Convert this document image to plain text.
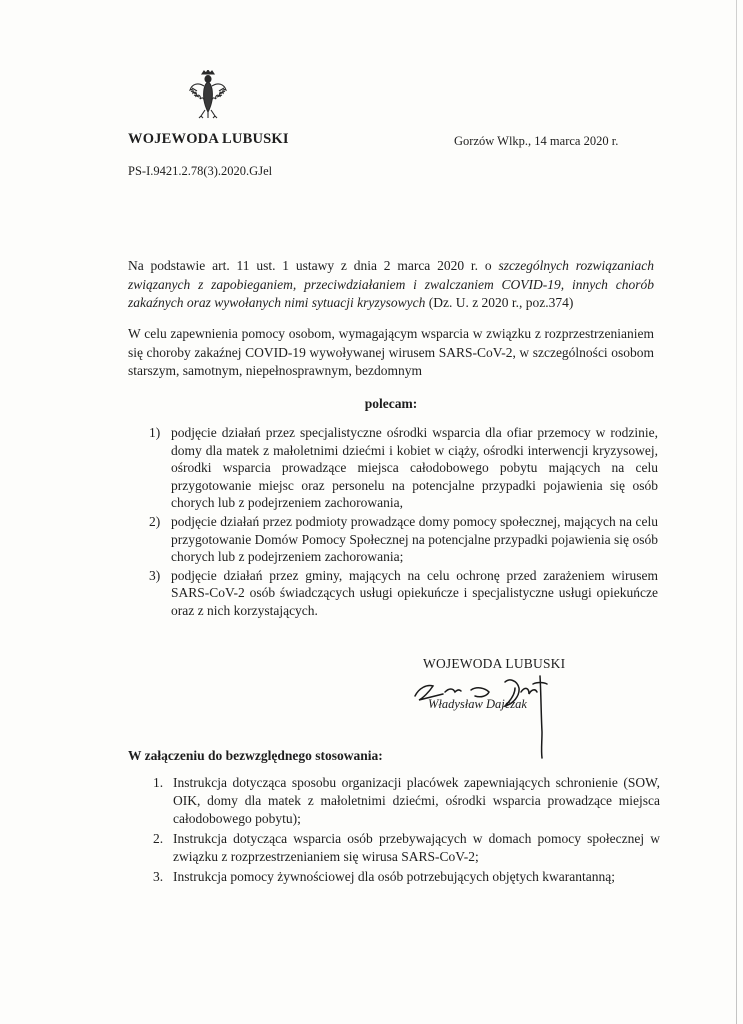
WOJEWODA LUBUSKI
PS-I.9421.2.78(3).2020.GJel
Gorzów Wlkp., 14 marca 2020 r.
Na podstawie art. 11 ust. 1 ustawy z dnia 2 marca 2020 r. o szczególnych rozwiązaniach związanych z zapobieganiem, przeciwdziałaniem i zwalczaniem COVID-19, innych chorób zakaźnych oraz wywołanych nimi sytuacji kryzysowych (Dz. U. z 2020 r., poz.374)
W celu zapewnienia pomocy osobom, wymagającym wsparcia w związku z rozprzestrzenianiem się choroby zakaźnej COVID-19 wywoływanej wirusem SARS-CoV-2, w szczególności osobom starszym, samotnym, niepełnosprawnym, bezdomnym
polecam:
1) podjęcie działań przez specjalistyczne ośrodki wsparcia dla ofiar przemocy w rodzinie, domy dla matek z małoletnimi dziećmi i kobiet w ciąży, ośrodki interwencji kryzysowej, ośrodki wsparcia prowadzące miejsca całodobowego pobytu mających na celu przygotowanie miejsc oraz personelu na potencjalne przypadki pojawienia się osób chorych lub z podejrzeniem zachorowania,
2) podjęcie działań przez podmioty prowadzące domy pomocy społecznej, mających na celu przygotowanie Domów Pomocy Społecznej na potencjalne przypadki pojawienia się osób chorych lub z podejrzeniem zachorowania;
3) podjęcie działań przez gminy, mających na celu ochronę przed zarażeniem wirusem SARS-CoV-2 osób świadczących usługi opiekuńcze i specjalistyczne usługi opiekuńcze oraz z nich korzystających.
WOJEWODA LUBUSKI
Władysław Dajczak
W załączeniu do bezwzględnego stosowania:
1. Instrukcja dotycząca sposobu organizacji placówek zapewniających schronienie (SOW, OIK, domy dla matek z małoletnimi dziećmi, ośrodki wsparcia prowadzące miejsca całodobowego pobytu);
2. Instrukcja dotycząca wsparcia osób przebywających w domach pomocy społecznej w związku z rozprzestrzenianiem się wirusa SARS-CoV-2;
3. Instrukcja pomocy żywnościowej dla osób potrzebujących objętych kwarantanną;
